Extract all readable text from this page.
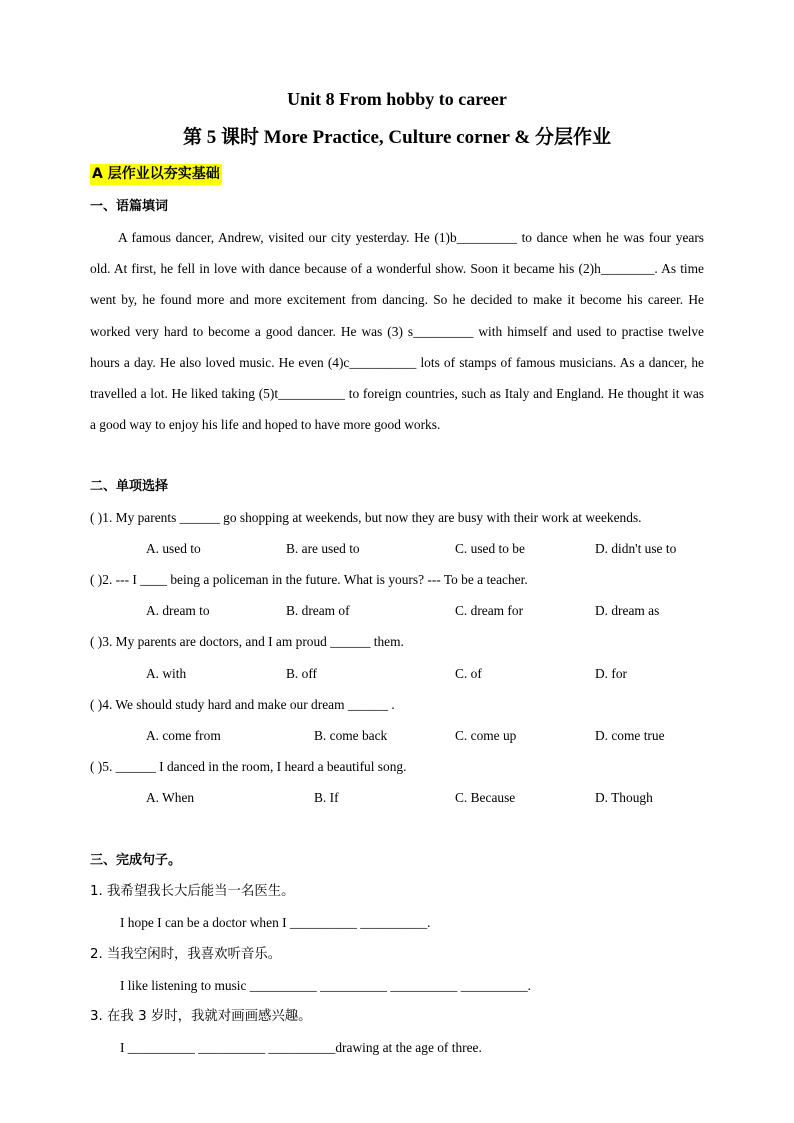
Unit 8 From hobby to career
第 5 课时 More Practice, Culture corner & 分层作业
A 层作业以夯实基础
一、语篇填词
A famous dancer, Andrew, visited our city yesterday. He (1)b_________ to dance when he was four years old. At first, he fell in love with dance because of a wonderful show. Soon it became his (2)h________. As time went by, he found more and more excitement from dancing. So he decided to make it become his career. He worked very hard to become a good dancer. He was (3) s_________ with himself and used to practise twelve hours a day. He also loved music. He even (4)c__________ lots of stamps of famous musicians. As a dancer, he travelled a lot. He liked taking (5)t__________ to foreign countries, such as Italy and England. He thought it was a good way to enjoy his life and hoped to have more good works.
二、单项选择
( )1. My parents ______ go shopping at weekends, but now they are busy with their work at weekends.
A. used to	B. are used to	C. used to be	D. didn't use to
( )2. --- I ____ being a policeman in the future. What is yours? --- To be a teacher.
A. dream to	B. dream of	C. dream for	D. dream as
( )3. My parents are doctors, and I am proud ______ them.
A. with	B. off	C. of	D. for
( )4. We should study hard and make our dream ______ .
A. come from	B. come back	C. come up	D. come true
( )5. ______ I danced in the room, I heard a beautiful song.
A. When	B. If	C. Because	D. Though
三、完成句子。
1. 我希望我长大后能当一名医生。
I hope I can be a doctor when I __________ __________.
2. 当我空闲时，我喜欢听音乐。
I like listening to music __________ __________ __________ __________.
3. 在我 3 岁时，我就对画画感兴趣。
I __________ __________ __________drawing at the age of three.
